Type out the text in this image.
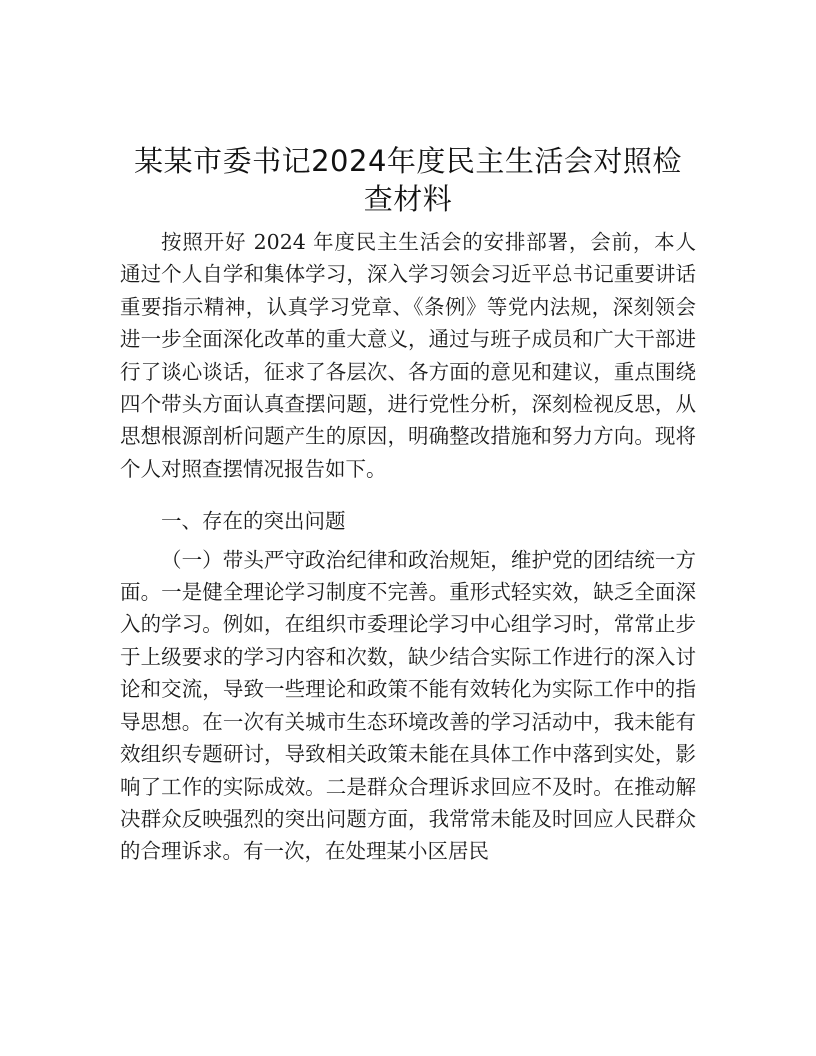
某某市委书记2024年度民主生活会对照检查材料

按照开好 2024 年度民主生活会的安排部署，会前，本人通过个人自学和集体学习，深入学习领会习近平总书记重要讲话重要指示精神，认真学习党章、《条例》等党内法规，深刻领会进一步全面深化改革的重大意义，通过与班子成员和广大干部进行了谈心谈话，征求了各层次、各方面的意见和建议，重点围绕四个带头方面认真查摆问题，进行党性分析，深刻检视反思，从思想根源剖析问题产生的原因，明确整改措施和努力方向。现将个人对照查摆情况报告如下。

一、存在的突出问题

（一）带头严守政治纪律和政治规矩，维护党的团结统一方面。一是健全理论学习制度不完善。重形式轻实效，缺乏全面深入的学习。例如，在组织市委理论学习中心组学习时，常常止步于上级要求的学习内容和次数，缺少结合实际工作进行的深入讨论和交流，导致一些理论和政策不能有效转化为实际工作中的指导思想。在一次有关城市生态环境改善的学习活动中，我未能有效组织专题研讨，导致相关政策未能在具体工作中落到实处，影响了工作的实际成效。二是群众合理诉求回应不及时。在推动解决群众反映强烈的突出问题方面，我常常未能及时回应人民群众的合理诉求。有一次，在处理某小区居民
